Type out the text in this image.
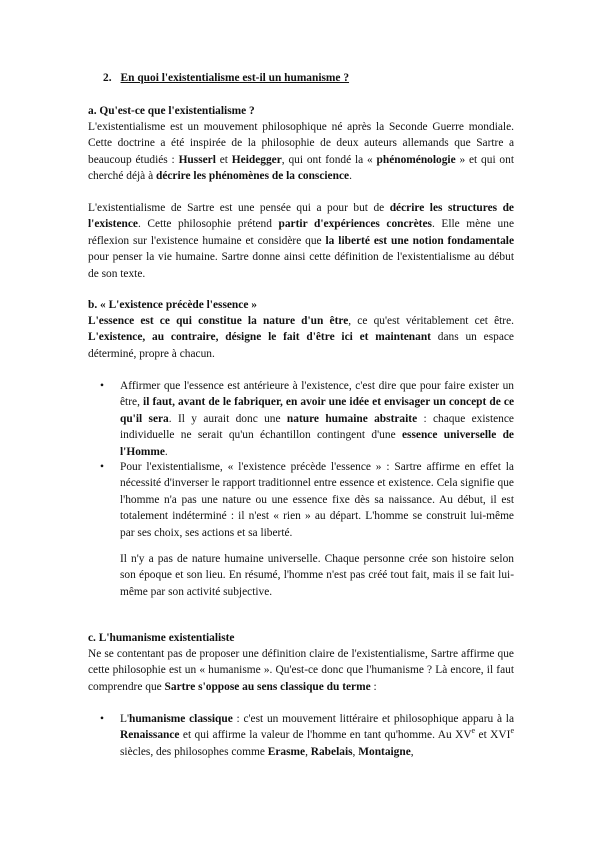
2. En quoi l'existentialisme est-il un humanisme ?
a. Qu'est-ce que l'existentialisme ?

L'existentialisme est un mouvement philosophique né après la Seconde Guerre mondiale. Cette doctrine a été inspirée de la philosophie de deux auteurs allemands que Sartre a beaucoup étudiés : Husserl et Heidegger, qui ont fondé la « phénoménologie » et qui ont cherché déjà à décrire les phénomènes de la conscience.

L'existentialisme de Sartre est une pensée qui a pour but de décrire les structures de l'existence. Cette philosophie prétend partir d'expériences concrètes. Elle mène une réflexion sur l'existence humaine et considère que la liberté est une notion fondamentale pour penser la vie humaine. Sartre donne ainsi cette définition de l'existentialisme au début de son texte.

b. « L'existence précède l'essence »

L'essence est ce qui constitue la nature d'un être, ce qu'est véritablement cet être. L'existence, au contraire, désigne le fait d'être ici et maintenant dans un espace déterminé, propre à chacun.

•	Affirmer que l'essence est antérieure à l'existence, c'est dire que pour faire exister un être, il faut, avant de le fabriquer, en avoir une idée et envisager un concept de ce qu'il sera. Il y aurait donc une nature humaine abstraite : chaque existence individuelle ne serait qu'un échantillon contingent d'une essence universelle de l'Homme.

•	Pour l'existentialisme, « l'existence précède l'essence » : Sartre affirme en effet la nécessité d'inverser le rapport traditionnel entre essence et existence. Cela signifie que l'homme n'a pas une nature ou une essence fixe dès sa naissance. Au début, il est totalement indéterminé : il n'est « rien » au départ. L'homme se construit lui-même par ses choix, ses actions et sa liberté.

Il n'y a pas de nature humaine universelle. Chaque personne crée son histoire selon son époque et son lieu. En résumé, l'homme n'est pas créé tout fait, mais il se fait lui-même par son activité subjective.

c. L'humanisme existentialiste

Ne se contentant pas de proposer une définition claire de l'existentialisme, Sartre affirme que cette philosophie est un « humanisme ». Qu'est-ce donc que l'humanisme ? Là encore, il faut comprendre que Sartre s'oppose au sens classique du terme :

•	L'humanisme classique : c'est un mouvement littéraire et philosophique apparu à la Renaissance et qui affirme la valeur de l'homme en tant qu'homme. Au XVe et XVIe siècles, des philosophes comme Erasme, Rabelais, Montaigne,
